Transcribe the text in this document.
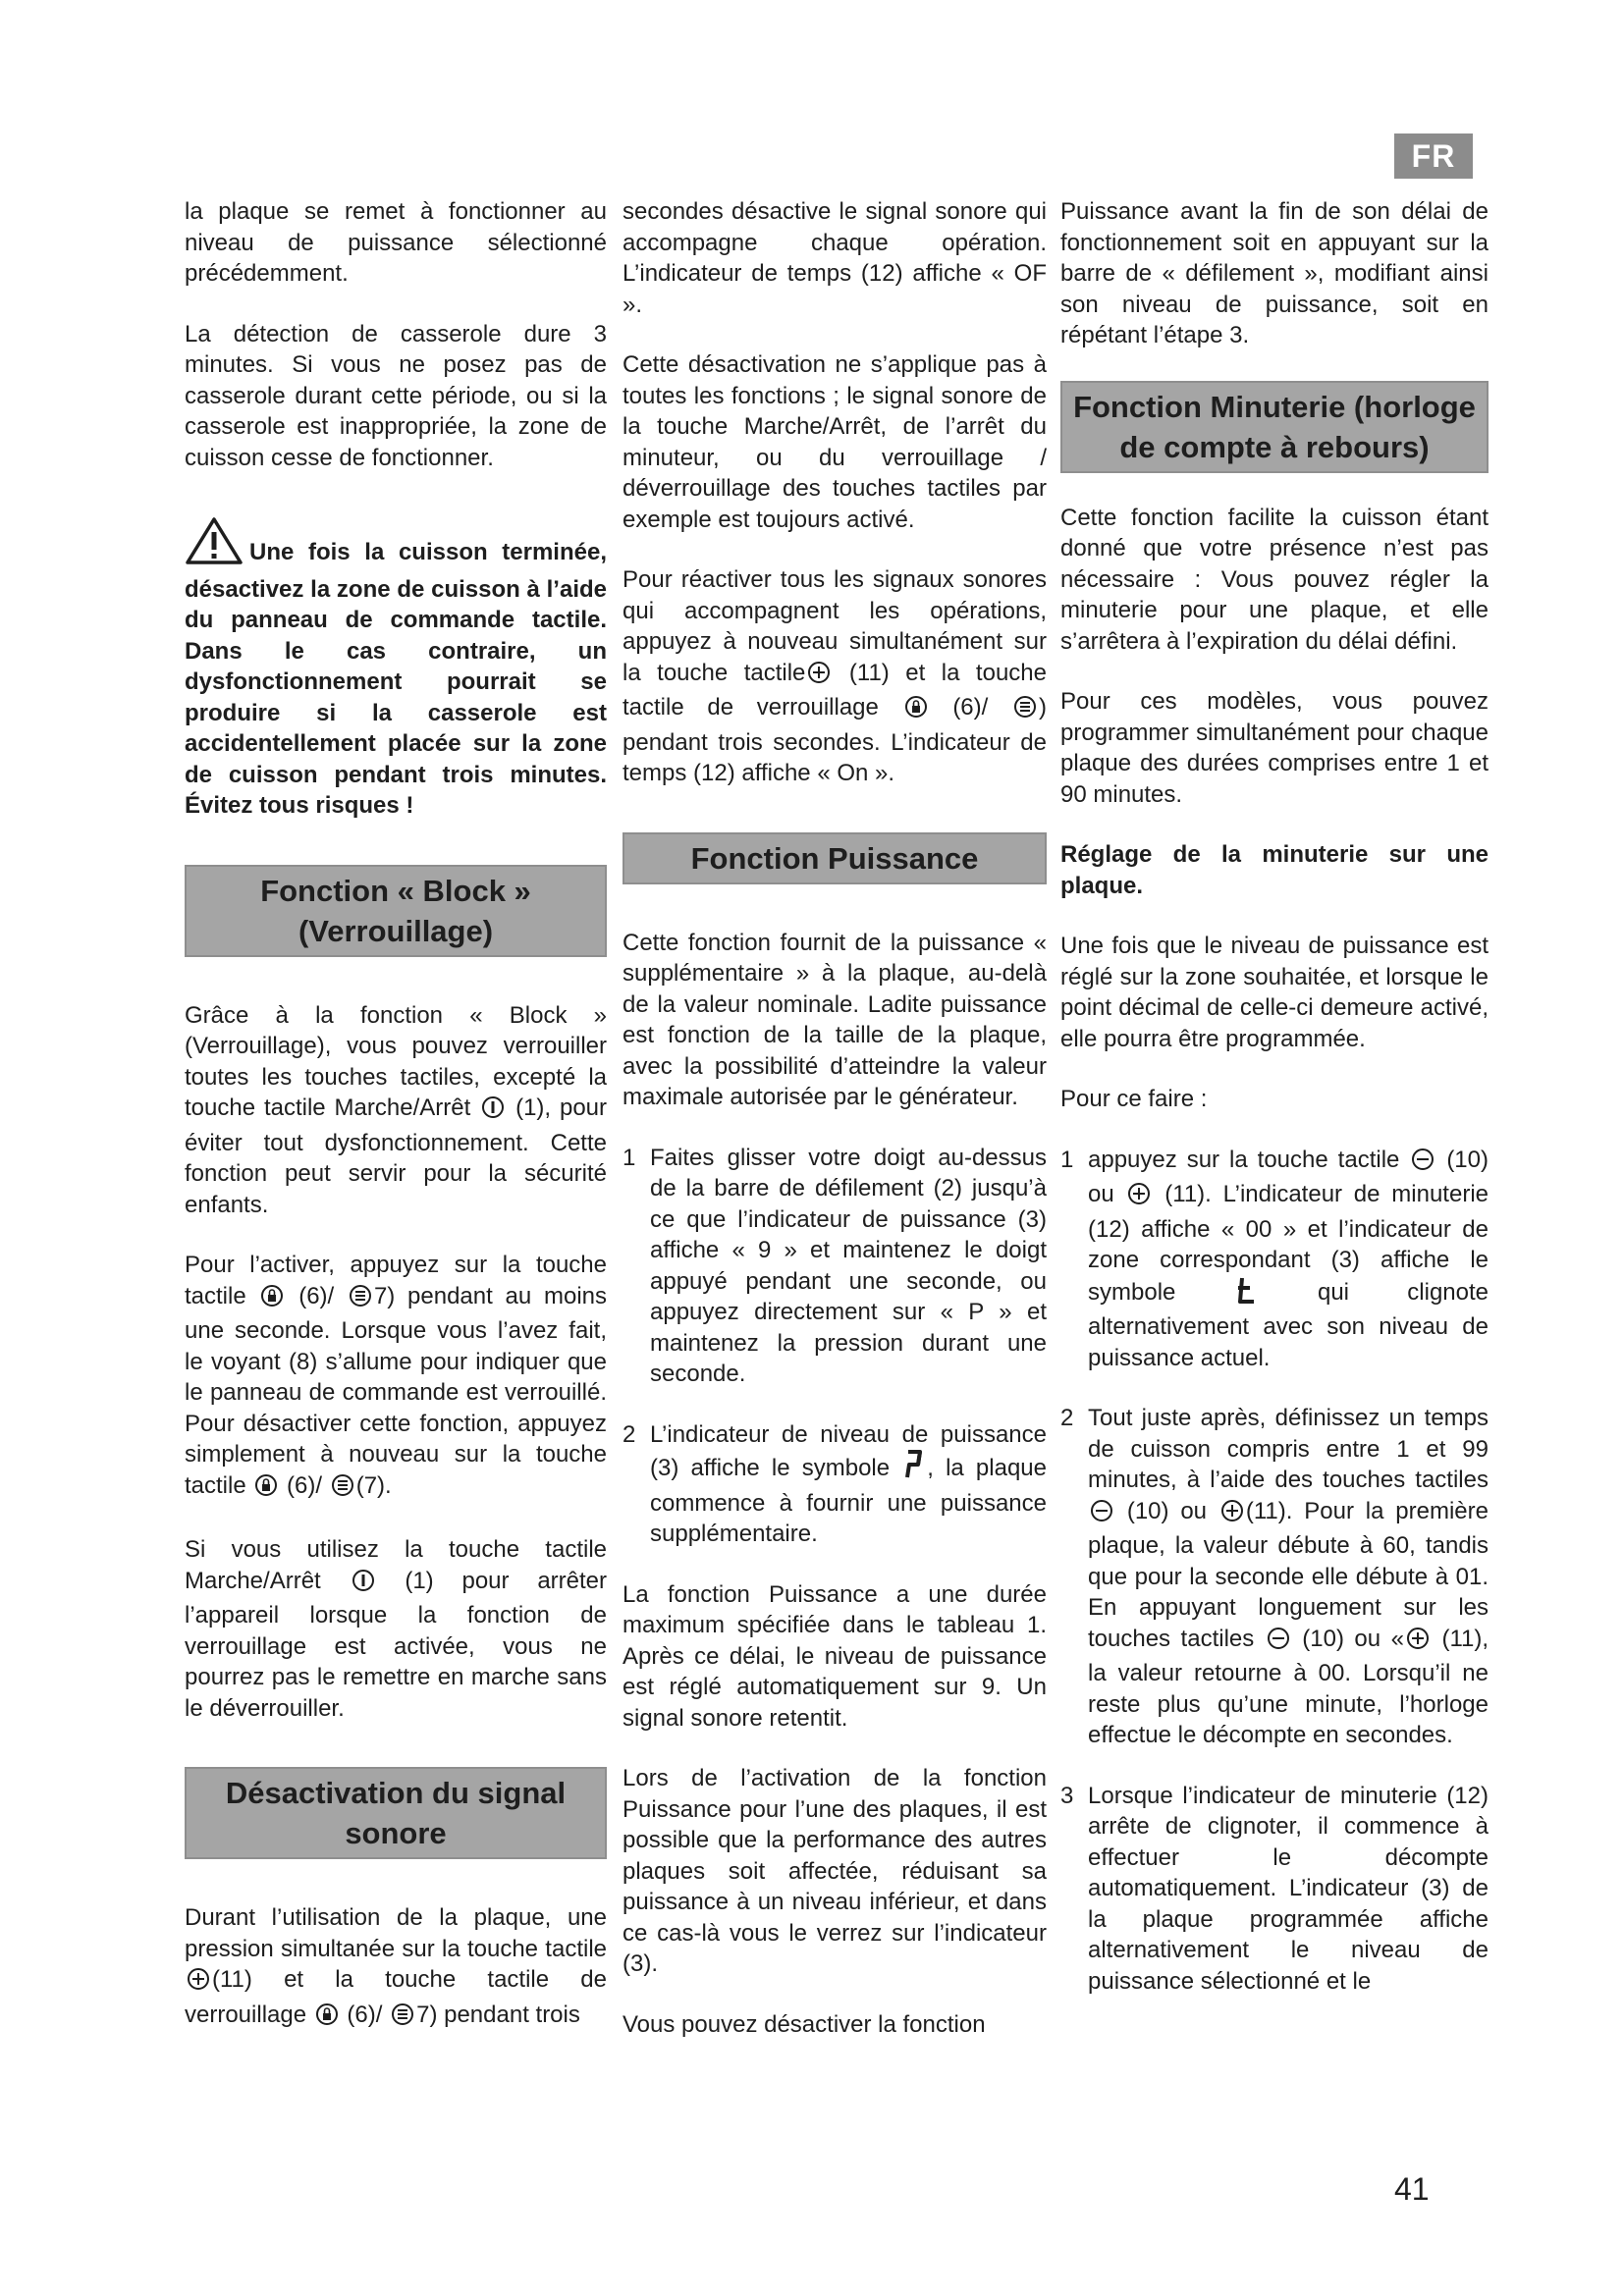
FR

la plaque se remet à fonctionner au niveau de puissance sélectionné précédemment.

La détection de casserole dure 3 minutes. Si vous ne posez pas de casserole durant cette période, ou si la casserole est inappropriée, la zone de cuisson cesse de fonctionner.

Une fois la cuisson terminée, désactivez la zone de cuisson à l’aide du panneau de commande tactile. Dans le cas contraire, un dysfonctionnement pourrait se produire si la casserole est accidentellement placée sur la zone de cuisson pendant trois minutes. Évitez tous risques !

Fonction « Block » (Verrouillage)

Grâce à la fonction « Block » (Verrouillage), vous pouvez verrouiller toutes les touches tactiles, excepté la touche tactile Marche/Arrêt (1), pour éviter tout dysfonctionnement. Cette fonction peut servir pour la sécurité enfants.

Pour l’activer, appuyez sur la touche tactile (6)/ 7) pendant au moins une seconde. Lorsque vous l’avez fait, le voyant (8) s’allume pour indiquer que le panneau de commande est verrouillé. Pour désactiver cette fonction, appuyez simplement à nouveau sur la touche tactile (6)/ (7).

Si vous utilisez la touche tactile Marche/Arrêt	(1) pour arrêter l’appareil lorsque la fonction de verrouillage est activée, vous ne pourrez pas le remettre en marche sans le déverrouiller.

Désactivation du signal sonore

Durant l’utilisation de la plaque, une pression simultanée sur la touche tactile (11) et la touche tactile de verrouillage (6)/ 7) pendant trois

secondes désactive le signal sonore qui accompagne chaque opération. L’indicateur de temps (12) affiche « OF ».

Cette désactivation ne s’applique pas à toutes les fonctions ; le signal sonore de la touche Marche/Arrêt, de l’arrêt du minuteur, ou du verrouillage / déverrouillage des touches tactiles par exemple est toujours activé.

Pour réactiver tous les signaux sonores qui accompagnent les opérations, appuyez à nouveau simultanément sur la touche tactile (11) et la touche tactile de verrouillage	(6)/ ) pendant trois secondes. L’indicateur de temps (12) affiche « On ».

Fonction Puissance

Cette fonction fournit de la puissance « supplémentaire » à la plaque, au-delà de la valeur nominale. Ladite puissance est fonction de la taille de la plaque, avec la possibilité d’atteindre la valeur maximale autorisée par le générateur.

1 Faites glisser votre doigt au-dessus de la barre de défilement (2) jusqu’à ce que l’indicateur de puissance (3) affiche « 9 » et maintenez le doigt appuyé pendant une seconde, ou appuyez directement sur « P » et maintenez la pression durant une seconde.
2 L’indicateur de niveau de puissance (3) affiche le symbole , la plaque commence à fournir une puissance supplémentaire.

La fonction Puissance a une durée maximum spécifiée dans le tableau 1. Après ce délai, le niveau de puissance est réglé automatiquement sur 9. Un signal sonore retentit.

Lors de l’activation de la fonction Puissance pour l’une des plaques, il est possible que la performance des autres plaques soit affectée, réduisant sa puissance à un niveau inférieur, et dans ce cas-là vous le verrez sur l’indicateur (3).

Vous pouvez désactiver la fonction

Puissance avant la fin de son délai de fonctionnement soit en appuyant sur la barre de « défilement », modifiant ainsi son niveau de puissance, soit en répétant l’étape 3.

Fonction Minuterie (horloge de compte à rebours)

Cette fonction facilite la cuisson étant donné que votre présence n’est pas nécessaire : Vous pouvez régler la minuterie pour une plaque, et elle s’arrêtera à l’expiration du délai défini.

Pour ces modèles, vous pouvez programmer simultanément pour chaque plaque des durées comprises entre 1 et 90 minutes.

Réglage de la minuterie sur une plaque.

Une fois que le niveau de puissance est réglé sur la zone souhaitée, et lorsque le point décimal de celle-ci demeure activé, elle pourra être programmée.

Pour ce faire :

1 appuyez sur la touche tactile (10) ou (11). L’indicateur de minuterie (12) affiche « 00 » et l’indicateur de zone correspondant (3) affiche le symbole	qui clignote alternativement avec son niveau de puissance actuel.
2 Tout juste après, définissez un temps de cuisson compris entre 1 et 99 minutes, à l’aide des touches tactiles  (10) ou (11). Pour la première plaque, la valeur débute à 60, tandis que pour la seconde elle débute à 01. En appuyant longuement sur les touches tactiles (10) ou « (11), la valeur retourne à 00. Lorsqu’il ne reste plus qu’une minute, l’horloge effectue le décompte en secondes.
3 Lorsque l’indicateur de minuterie (12) arrête de clignoter, il commence à effectuer le décompte automatiquement. L’indicateur (3) de la plaque programmée affiche alternativement le niveau de puissance sélectionné et le
41
